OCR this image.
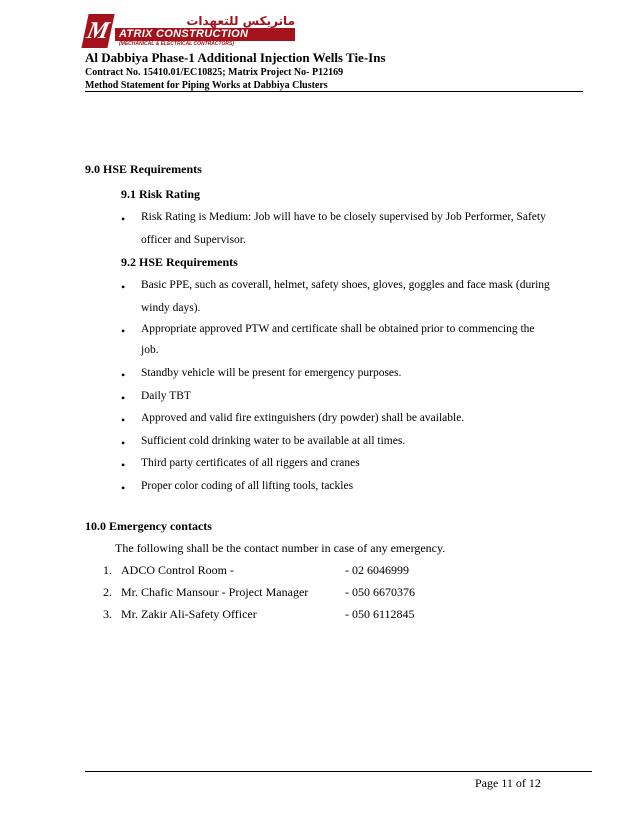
M	ماتريكس للتعهدات
ATRIX CONSTRUCTION
(MECHANICAL & ELECTRICAL CONTRACTORS)
Al Dabbiya Phase-1 Additional Injection Wells Tie-Ins
Contract No. 15410.01/EC10825; Matrix Project No- P12169
Method Statement for Piping Works at Dabbiya Clusters
9.0 HSE Requirements
9.1 Risk Rating
• Risk Rating is Medium: Job will have to be closely supervised by Job Performer, Safety
officer and Supervisor.
9.2 HSE Requirements
• Basic PPE, such as coverall, helmet, safety shoes, gloves, goggles and face mask (during
windy days).
• Appropriate approved PTW and certificate shall be obtained prior to commencing the
job.
• Standby vehicle will be present for emergency purposes.
• Daily TBT
• Approved and valid fire extinguishers (dry powder) shall be available.
• Sufficient cold drinking water to be available at all times.
• Third party certificates of all riggers and cranes
• Proper color coding of all lifting tools, tackles
10.0 Emergency contacts
The following shall be the contact number in case of any emergency.
1. ADCO Control Room -	- 02 6046999
2. Mr. Chafic Mansour - Project Manager	- 050 6670376
3. Mr. Zakir Ali-Safety Officer	- 050 6112845
Page 11 of 12
